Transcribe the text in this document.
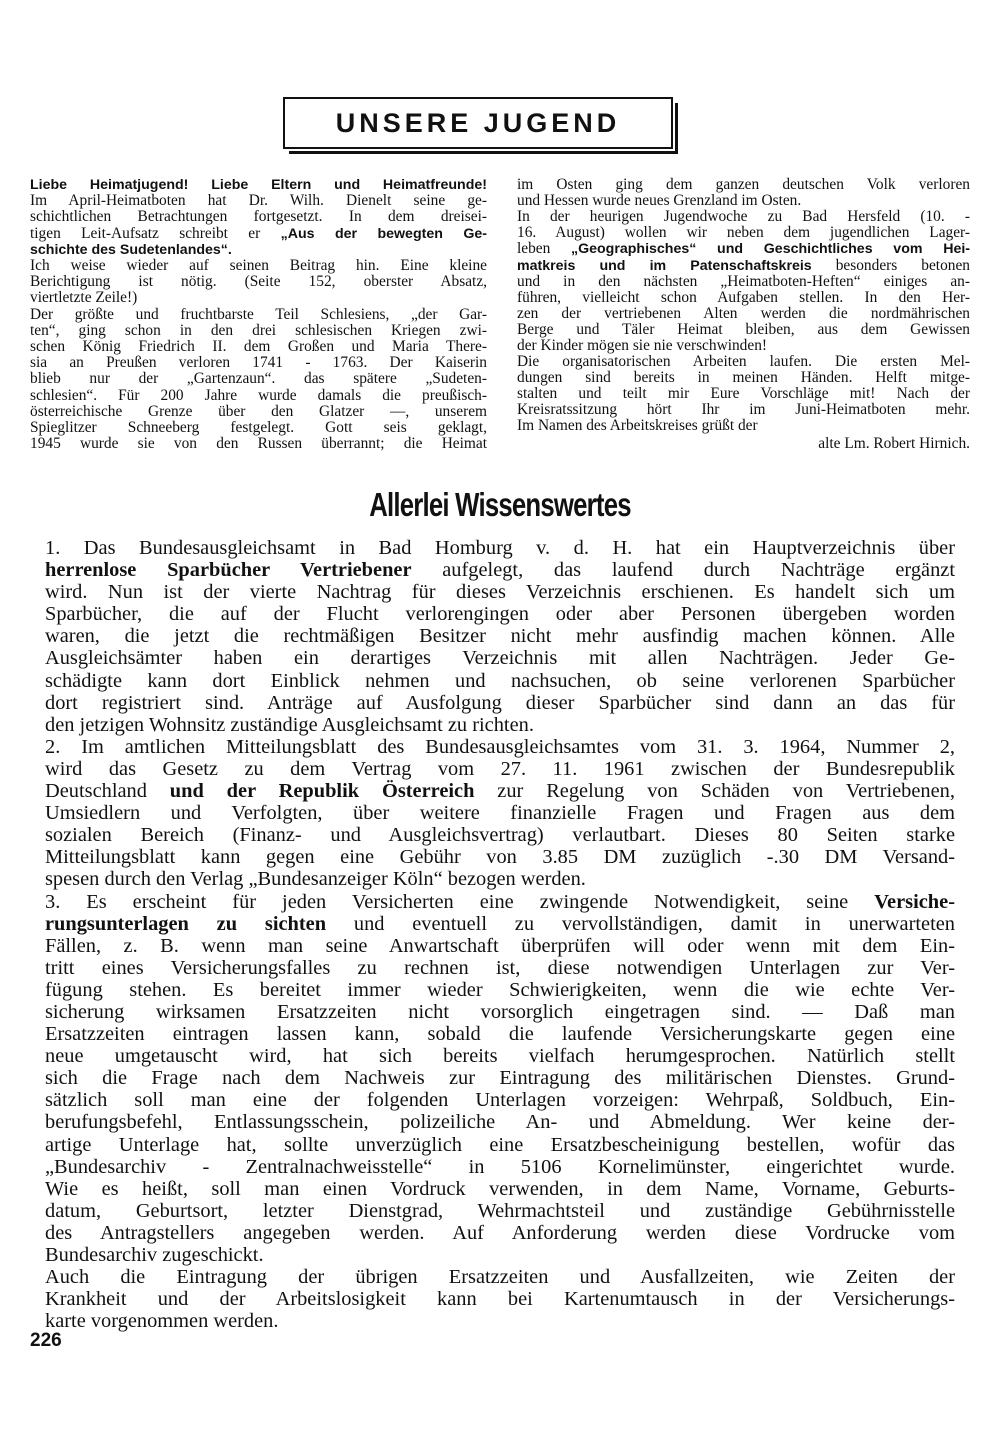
UNSERE JUGEND
Liebe Heimatjugend! Liebe Eltern und Heimatfreunde!
Im April-Heimatboten hat Dr. Wilh. Dienelt seine ge-
schichtlichen Betrachtungen fortgesetzt. In dem dreisei-
tigen Leit-Aufsatz schreibt er „Aus der bewegten Ge-
schichte des Sudetenlandes“.
Ich weise wieder auf seinen Beitrag hin. Eine kleine
Berichtigung ist nötig. (Seite 152, oberster Absatz,
viertletzte Zeile!)
Der größte und fruchtbarste Teil Schlesiens, „der Gar-
ten“, ging schon in den drei schlesischen Kriegen zwi-
schen König Friedrich II. dem Großen und Maria There-
sia an Preußen verloren 1741 - 1763. Der Kaiserin
blieb nur der „Gartenzaun“. das spätere „Sudeten-
schlesien“. Für 200 Jahre wurde damals die preußisch-
österreichische Grenze über den Glatzer —, unserem
Spieglitzer Schneeberg festgelegt. Gott seis geklagt,
1945 wurde sie von den Russen überrannt; die Heimat
im Osten ging dem ganzen deutschen Volk verloren
und Hessen wurde neues Grenzland im Osten.
In der heurigen Jugendwoche zu Bad Hersfeld (10. -
16. August) wollen wir neben dem jugendlichen Lager-
leben „Geographisches“ und Geschichtliches vom Hei-
matkreis und im Patenschaftskreis besonders betonen
und in den nächsten „Heimatboten-Heften“ einiges an-
führen, vielleicht schon Aufgaben stellen. In den Her-
zen der vertriebenen Alten werden die nordmährischen
Berge und Täler Heimat bleiben, aus dem Gewissen
der Kinder mögen sie nie verschwinden!
Die organisatorischen Arbeiten laufen. Die ersten Mel-
dungen sind bereits in meinen Händen. Helft mitge-
stalten und teilt mir Eure Vorschläge mit! Nach der
Kreisratssitzung hört Ihr im Juni-Heimatboten mehr.
Im Namen des Arbeitskreises grüßt der
alte Lm. Robert Hirnich.
Allerlei Wissenswertes
1. Das Bundesausgleichsamt in Bad Homburg v. d. H. hat ein Hauptverzeichnis über
herrenlose Sparbücher Vertriebener aufgelegt, das laufend durch Nachträge ergänzt
wird. Nun ist der vierte Nachtrag für dieses Verzeichnis erschienen. Es handelt sich um
Sparbücher, die auf der Flucht verlorengingen oder aber Personen übergeben worden
waren, die jetzt die rechtmäßigen Besitzer nicht mehr ausfindig machen können. Alle
Ausgleichsämter haben ein derartiges Verzeichnis mit allen Nachträgen. Jeder Ge-
schädigte kann dort Einblick nehmen und nachsuchen, ob seine verlorenen Sparbücher
dort registriert sind. Anträge auf Ausfolgung dieser Sparbücher sind dann an das für
den jetzigen Wohnsitz zuständige Ausgleichsamt zu richten.
2. Im amtlichen Mitteilungsblatt des Bundesausgleichsamtes vom 31. 3. 1964, Nummer 2,
wird das Gesetz zu dem Vertrag vom 27. 11. 1961 zwischen der Bundesrepublik
Deutschland und der Republik Österreich zur Regelung von Schäden von Vertriebenen,
Umsiedlern und Verfolgten, über weitere finanzielle Fragen und Fragen aus dem
sozialen Bereich (Finanz- und Ausgleichsvertrag) verlautbart. Dieses 80 Seiten starke
Mitteilungsblatt kann gegen eine Gebühr von 3.85 DM zuzüglich -.30 DM Versand-
spesen durch den Verlag „Bundesanzeiger Köln“ bezogen werden.
3. Es erscheint für jeden Versicherten eine zwingende Notwendigkeit, seine Versiche-
rungsunterlagen zu sichten und eventuell zu vervollständigen, damit in unerwarteten
Fällen, z. B. wenn man seine Anwartschaft überprüfen will oder wenn mit dem Ein-
tritt eines Versicherungsfalles zu rechnen ist, diese notwendigen Unterlagen zur Ver-
fügung stehen. Es bereitet immer wieder Schwierigkeiten, wenn die wie echte Ver-
sicherung wirksamen Ersatzzeiten nicht vorsorglich eingetragen sind. — Daß man
Ersatzzeiten eintragen lassen kann, sobald die laufende Versicherungskarte gegen eine
neue umgetauscht wird, hat sich bereits vielfach herumgesprochen. Natürlich stellt
sich die Frage nach dem Nachweis zur Eintragung des militärischen Dienstes. Grund-
sätzlich soll man eine der folgenden Unterlagen vorzeigen: Wehrpaß, Soldbuch, Ein-
berufungsbefehl, Entlassungsschein, polizeiliche An- und Abmeldung. Wer keine der-
artige Unterlage hat, sollte unverzüglich eine Ersatzbescheinigung bestellen, wofür das
„Bundesarchiv - Zentralnachweisstelle“ in 5106 Kornelimünster, eingerichtet wurde.
Wie es heißt, soll man einen Vordruck verwenden, in dem Name, Vorname, Geburts-
datum, Geburtsort, letzter Dienstgrad, Wehrmachtsteil und zuständige Gebührnisstelle
des Antragstellers angegeben werden. Auf Anforderung werden diese Vordrucke vom
Bundesarchiv zugeschickt.
Auch die Eintragung der übrigen Ersatzzeiten und Ausfallzeiten, wie Zeiten der
Krankheit und der Arbeitslosigkeit kann bei Kartenumtausch in der Versicherungs-
karte vorgenommen werden.
226
